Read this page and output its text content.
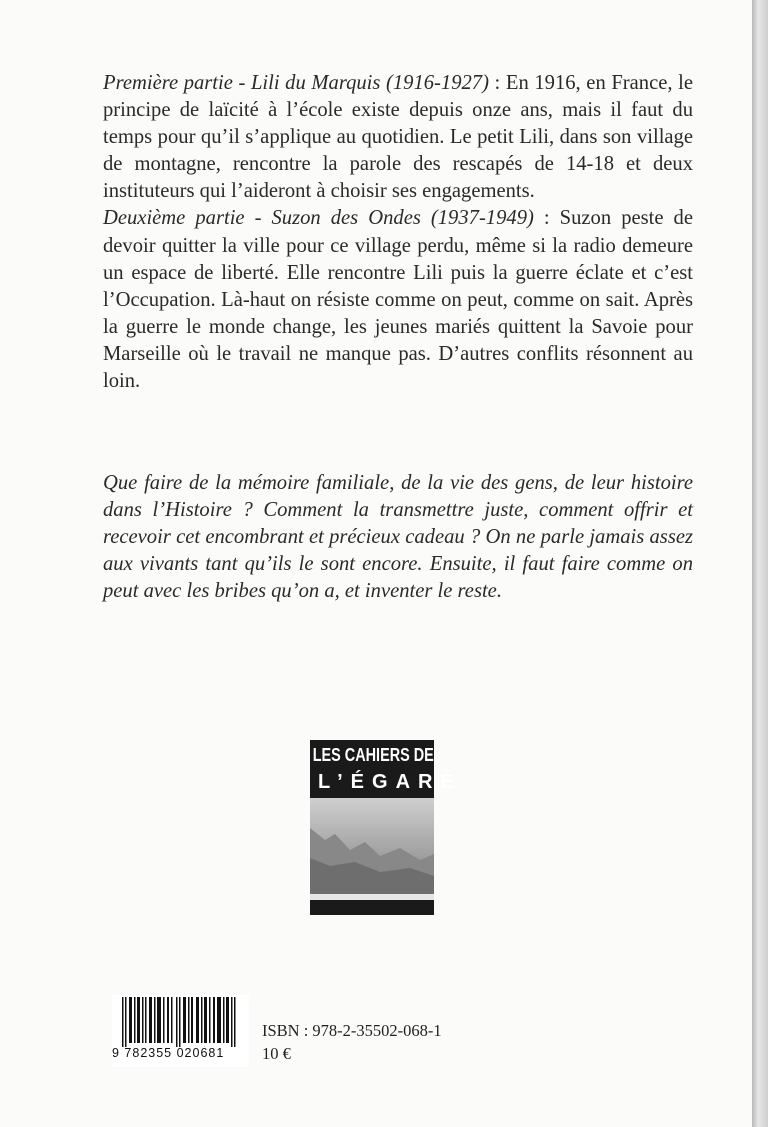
Première partie - Lili du Marquis (1916-1927) : En 1916, en France, le principe de laïcité à l’école existe depuis onze ans, mais il faut du temps pour qu’il s’applique au quotidien. Le petit Lili, dans son village de montagne, rencontre la parole des rescapés de 14-18 et deux instituteurs qui l’aideront à choisir ses engagements.

Deuxième partie - Suzon des Ondes (1937-1949) : Suzon peste de devoir quitter la ville pour ce village perdu, même si la radio demeure un espace de liberté. Elle rencontre Lili puis la guerre éclate et c’est l’Occupation. Là-haut on résiste comme on peut, comme on sait. Après la guerre le monde change, les jeunes mariés quittent la Savoie pour Marseille où le travail ne manque pas. D’autres conflits résonnent au loin.

Que faire de la mémoire familiale, de la vie des gens, de leur histoire dans l’Histoire ? Comment la transmettre juste, comment offrir et recevoir cet encombrant et précieux cadeau ? On ne parle jamais assez aux vivants tant qu’ils le sont encore. Ensuite, il faut faire comme on peut avec les bribes qu’on a, et inventer le reste.

LES CAHIERS DE
L’ÉGARÉ
9 782355 020681
ISBN : 978-2-35502-068-1
10 €
